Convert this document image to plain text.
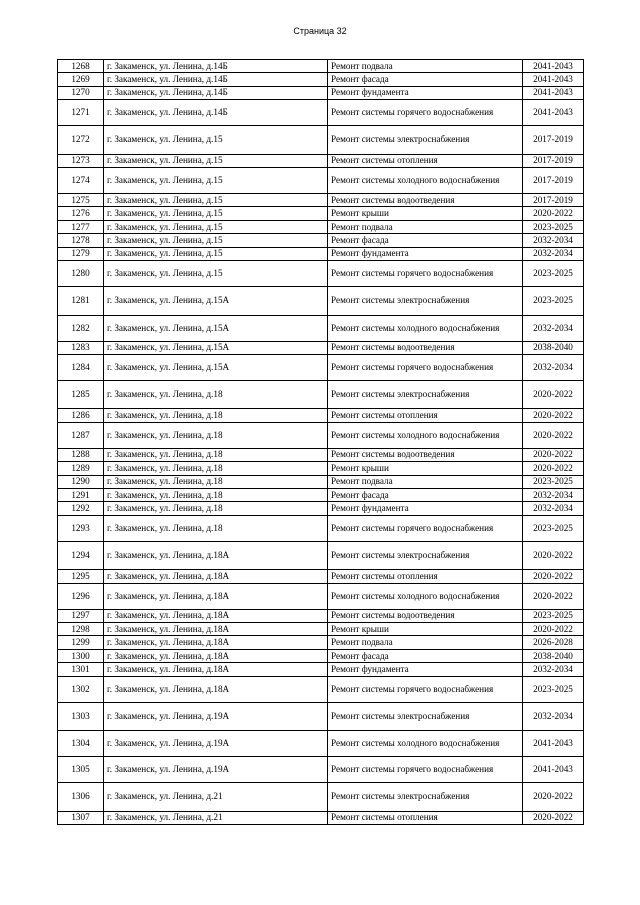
Страница 32
1268	г. Закаменск, ул. Ленина, д.14Б	Ремонт подвала	2041-2043
1269	г. Закаменск, ул. Ленина, д.14Б	Ремонт фасада	2041-2043
1270	г. Закаменск, ул. Ленина, д.14Б	Ремонт фундамента	2041-2043
1271	г. Закаменск, ул. Ленина, д.14Б	Ремонт системы горячего водоснабжения	2041-2043
1272	г. Закаменск, ул. Ленина, д.15	Ремонт системы электроснабжения	2017-2019
1273	г. Закаменск, ул. Ленина, д.15	Ремонт системы отопления	2017-2019
1274	г. Закаменск, ул. Ленина, д.15	Ремонт системы холодного водоснабжения	2017-2019
1275	г. Закаменск, ул. Ленина, д.15	Ремонт системы водоотведения	2017-2019
1276	г. Закаменск, ул. Ленина, д.15	Ремонт крыши	2020-2022
1277	г. Закаменск, ул. Ленина, д.15	Ремонт подвала	2023-2025
1278	г. Закаменск, ул. Ленина, д.15	Ремонт фасада	2032-2034
1279	г. Закаменск, ул. Ленина, д.15	Ремонт фундамента	2032-2034
1280	г. Закаменск, ул. Ленина, д.15	Ремонт системы горячего водоснабжения	2023-2025
1281	г. Закаменск, ул. Ленина, д.15А	Ремонт системы электроснабжения	2023-2025
1282	г. Закаменск, ул. Ленина, д.15А	Ремонт системы холодного водоснабжения	2032-2034
1283	г. Закаменск, ул. Ленина, д.15А	Ремонт системы водоотведения	2038-2040
1284	г. Закаменск, ул. Ленина, д.15А	Ремонт системы горячего водоснабжения	2032-2034
1285	г. Закаменск, ул. Ленина, д.18	Ремонт системы электроснабжения	2020-2022
1286	г. Закаменск, ул. Ленина, д.18	Ремонт системы отопления	2020-2022
1287	г. Закаменск, ул. Ленина, д.18	Ремонт системы холодного водоснабжения	2020-2022
1288	г. Закаменск, ул. Ленина, д.18	Ремонт системы водоотведения	2020-2022
1289	г. Закаменск, ул. Ленина, д.18	Ремонт крыши	2020-2022
1290	г. Закаменск, ул. Ленина, д.18	Ремонт подвала	2023-2025
1291	г. Закаменск, ул. Ленина, д.18	Ремонт фасада	2032-2034
1292	г. Закаменск, ул. Ленина, д.18	Ремонт фундамента	2032-2034
1293	г. Закаменск, ул. Ленина, д.18	Ремонт системы горячего водоснабжения	2023-2025
1294	г. Закаменск, ул. Ленина, д.18А	Ремонт системы электроснабжения	2020-2022
1295	г. Закаменск, ул. Ленина, д.18А	Ремонт системы отопления	2020-2022
1296	г. Закаменск, ул. Ленина, д.18А	Ремонт системы холодного водоснабжения	2020-2022
1297	г. Закаменск, ул. Ленина, д.18А	Ремонт системы водоотведения	2023-2025
1298	г. Закаменск, ул. Ленина, д.18А	Ремонт крыши	2020-2022
1299	г. Закаменск, ул. Ленина, д.18А	Ремонт подвала	2026-2028
1300	г. Закаменск, ул. Ленина, д.18А	Ремонт фасада	2038-2040
1301	г. Закаменск, ул. Ленина, д.18А	Ремонт фундамента	2032-2034
1302	г. Закаменск, ул. Ленина, д.18А	Ремонт системы горячего водоснабжения	2023-2025
1303	г. Закаменск, ул. Ленина, д.19А	Ремонт системы электроснабжения	2032-2034
1304	г. Закаменск, ул. Ленина, д.19А	Ремонт системы холодного водоснабжения	2041-2043
1305	г. Закаменск, ул. Ленина, д.19А	Ремонт системы горячего водоснабжения	2041-2043
1306	г. Закаменск, ул. Ленина, д.21	Ремонт системы электроснабжения	2020-2022
1307	г. Закаменск, ул. Ленина, д.21	Ремонт системы отопления	2020-2022
